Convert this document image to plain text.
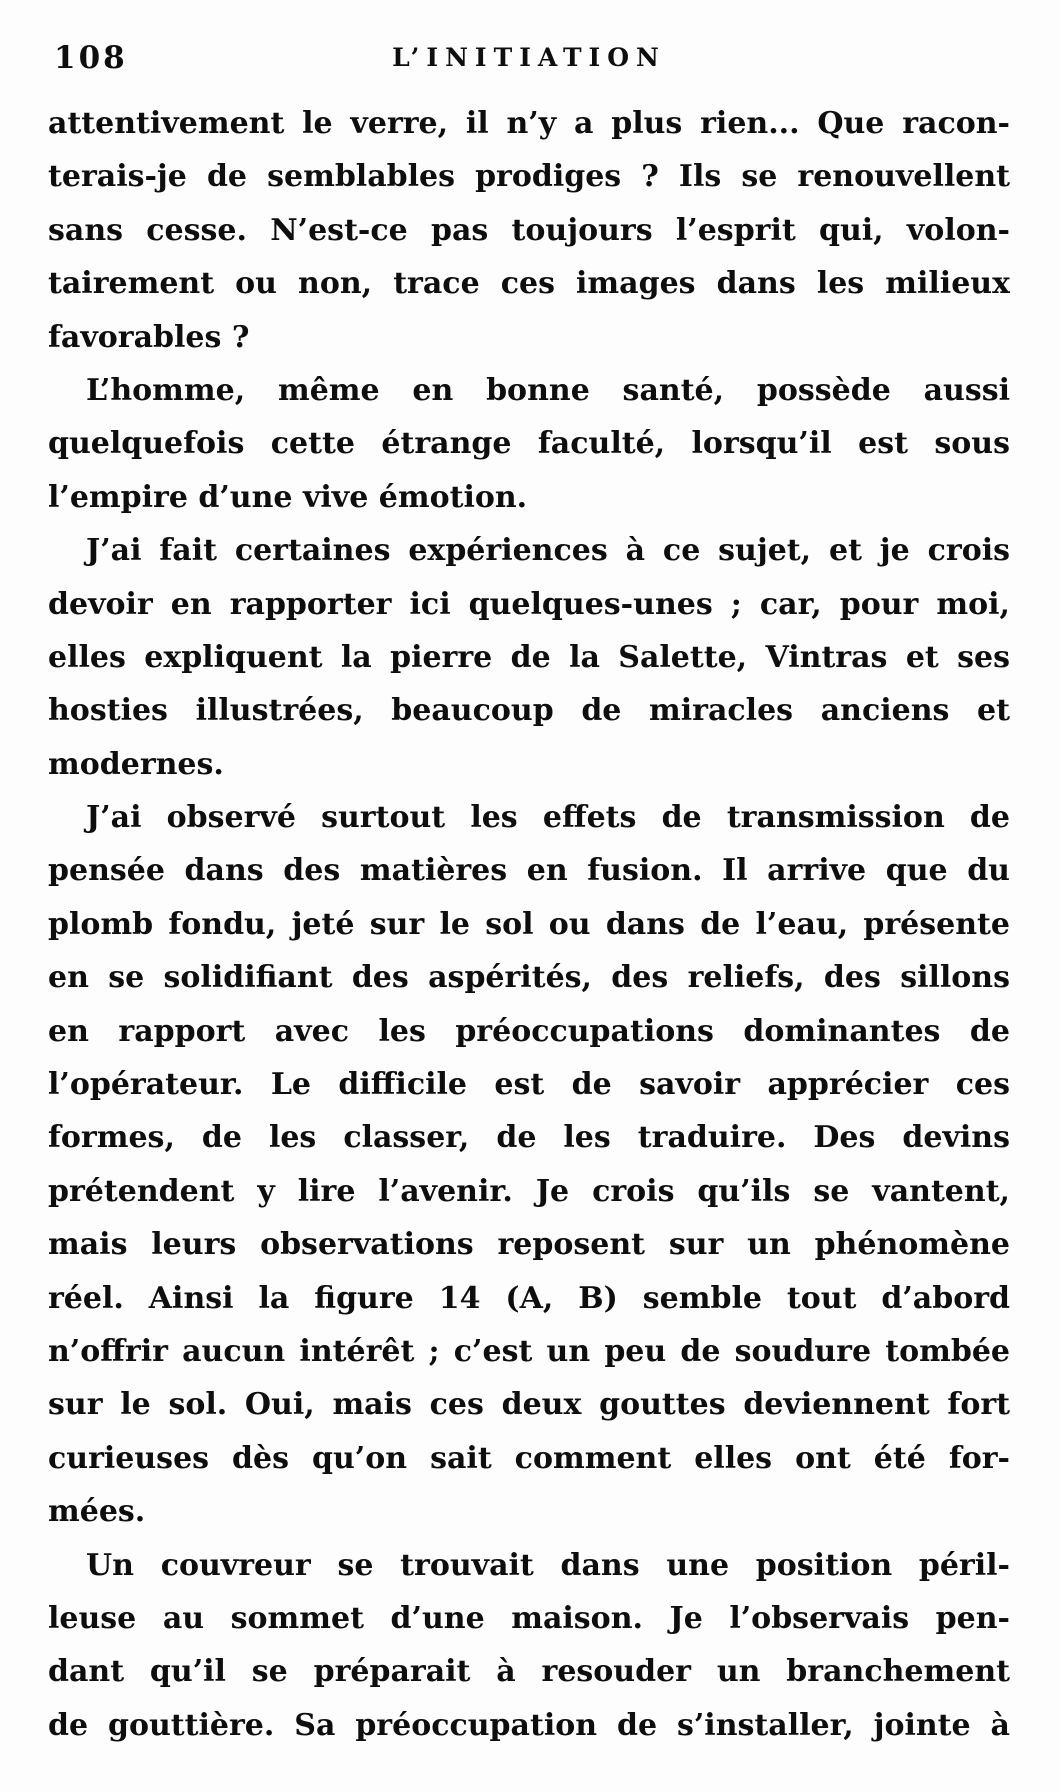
108	L’INITIATION
attentivement le verre, il n’y a plus rien... Que racon-
terais-je de semblables prodiges ? Ils se renouvellent
sans cesse. N’est-ce pas toujours l’esprit qui, volon-
tairement ou non, trace ces images dans les milieux
favorables ?
L’homme, même en bonne santé, possède aussi
quelquefois cette étrange faculté, lorsqu’il est sous
l’empire d’une vive émotion.
J’ai fait certaines expériences à ce sujet, et je crois
devoir en rapporter ici quelques-unes ; car, pour moi,
elles expliquent la pierre de la Salette, Vintras et ses
hosties illustrées, beaucoup de miracles anciens et
modernes.
J’ai observé surtout les effets de transmission de
pensée dans des matières en fusion. Il arrive que du
plomb fondu, jeté sur le sol ou dans de l’eau, présente
en se solidifiant des aspérités, des reliefs, des sillons
en rapport avec les préoccupations dominantes de
l’opérateur. Le difficile est de savoir apprécier ces
formes, de les classer, de les traduire. Des devins
prétendent y lire l’avenir. Je crois qu’ils se vantent,
mais leurs observations reposent sur un phénomène
réel. Ainsi la figure 14 (A, B) semble tout d’abord
n’offrir aucun intérêt ; c’est un peu de soudure tombée
sur le sol. Oui, mais ces deux gouttes deviennent fort
curieuses dès qu’on sait comment elles ont été for-
mées.
Un couvreur se trouvait dans une position péril-
leuse au sommet d’une maison. Je l’observais pen-
dant qu’il se préparait à resouder un branchement
de gouttière. Sa préoccupation de s’installer, jointe à
